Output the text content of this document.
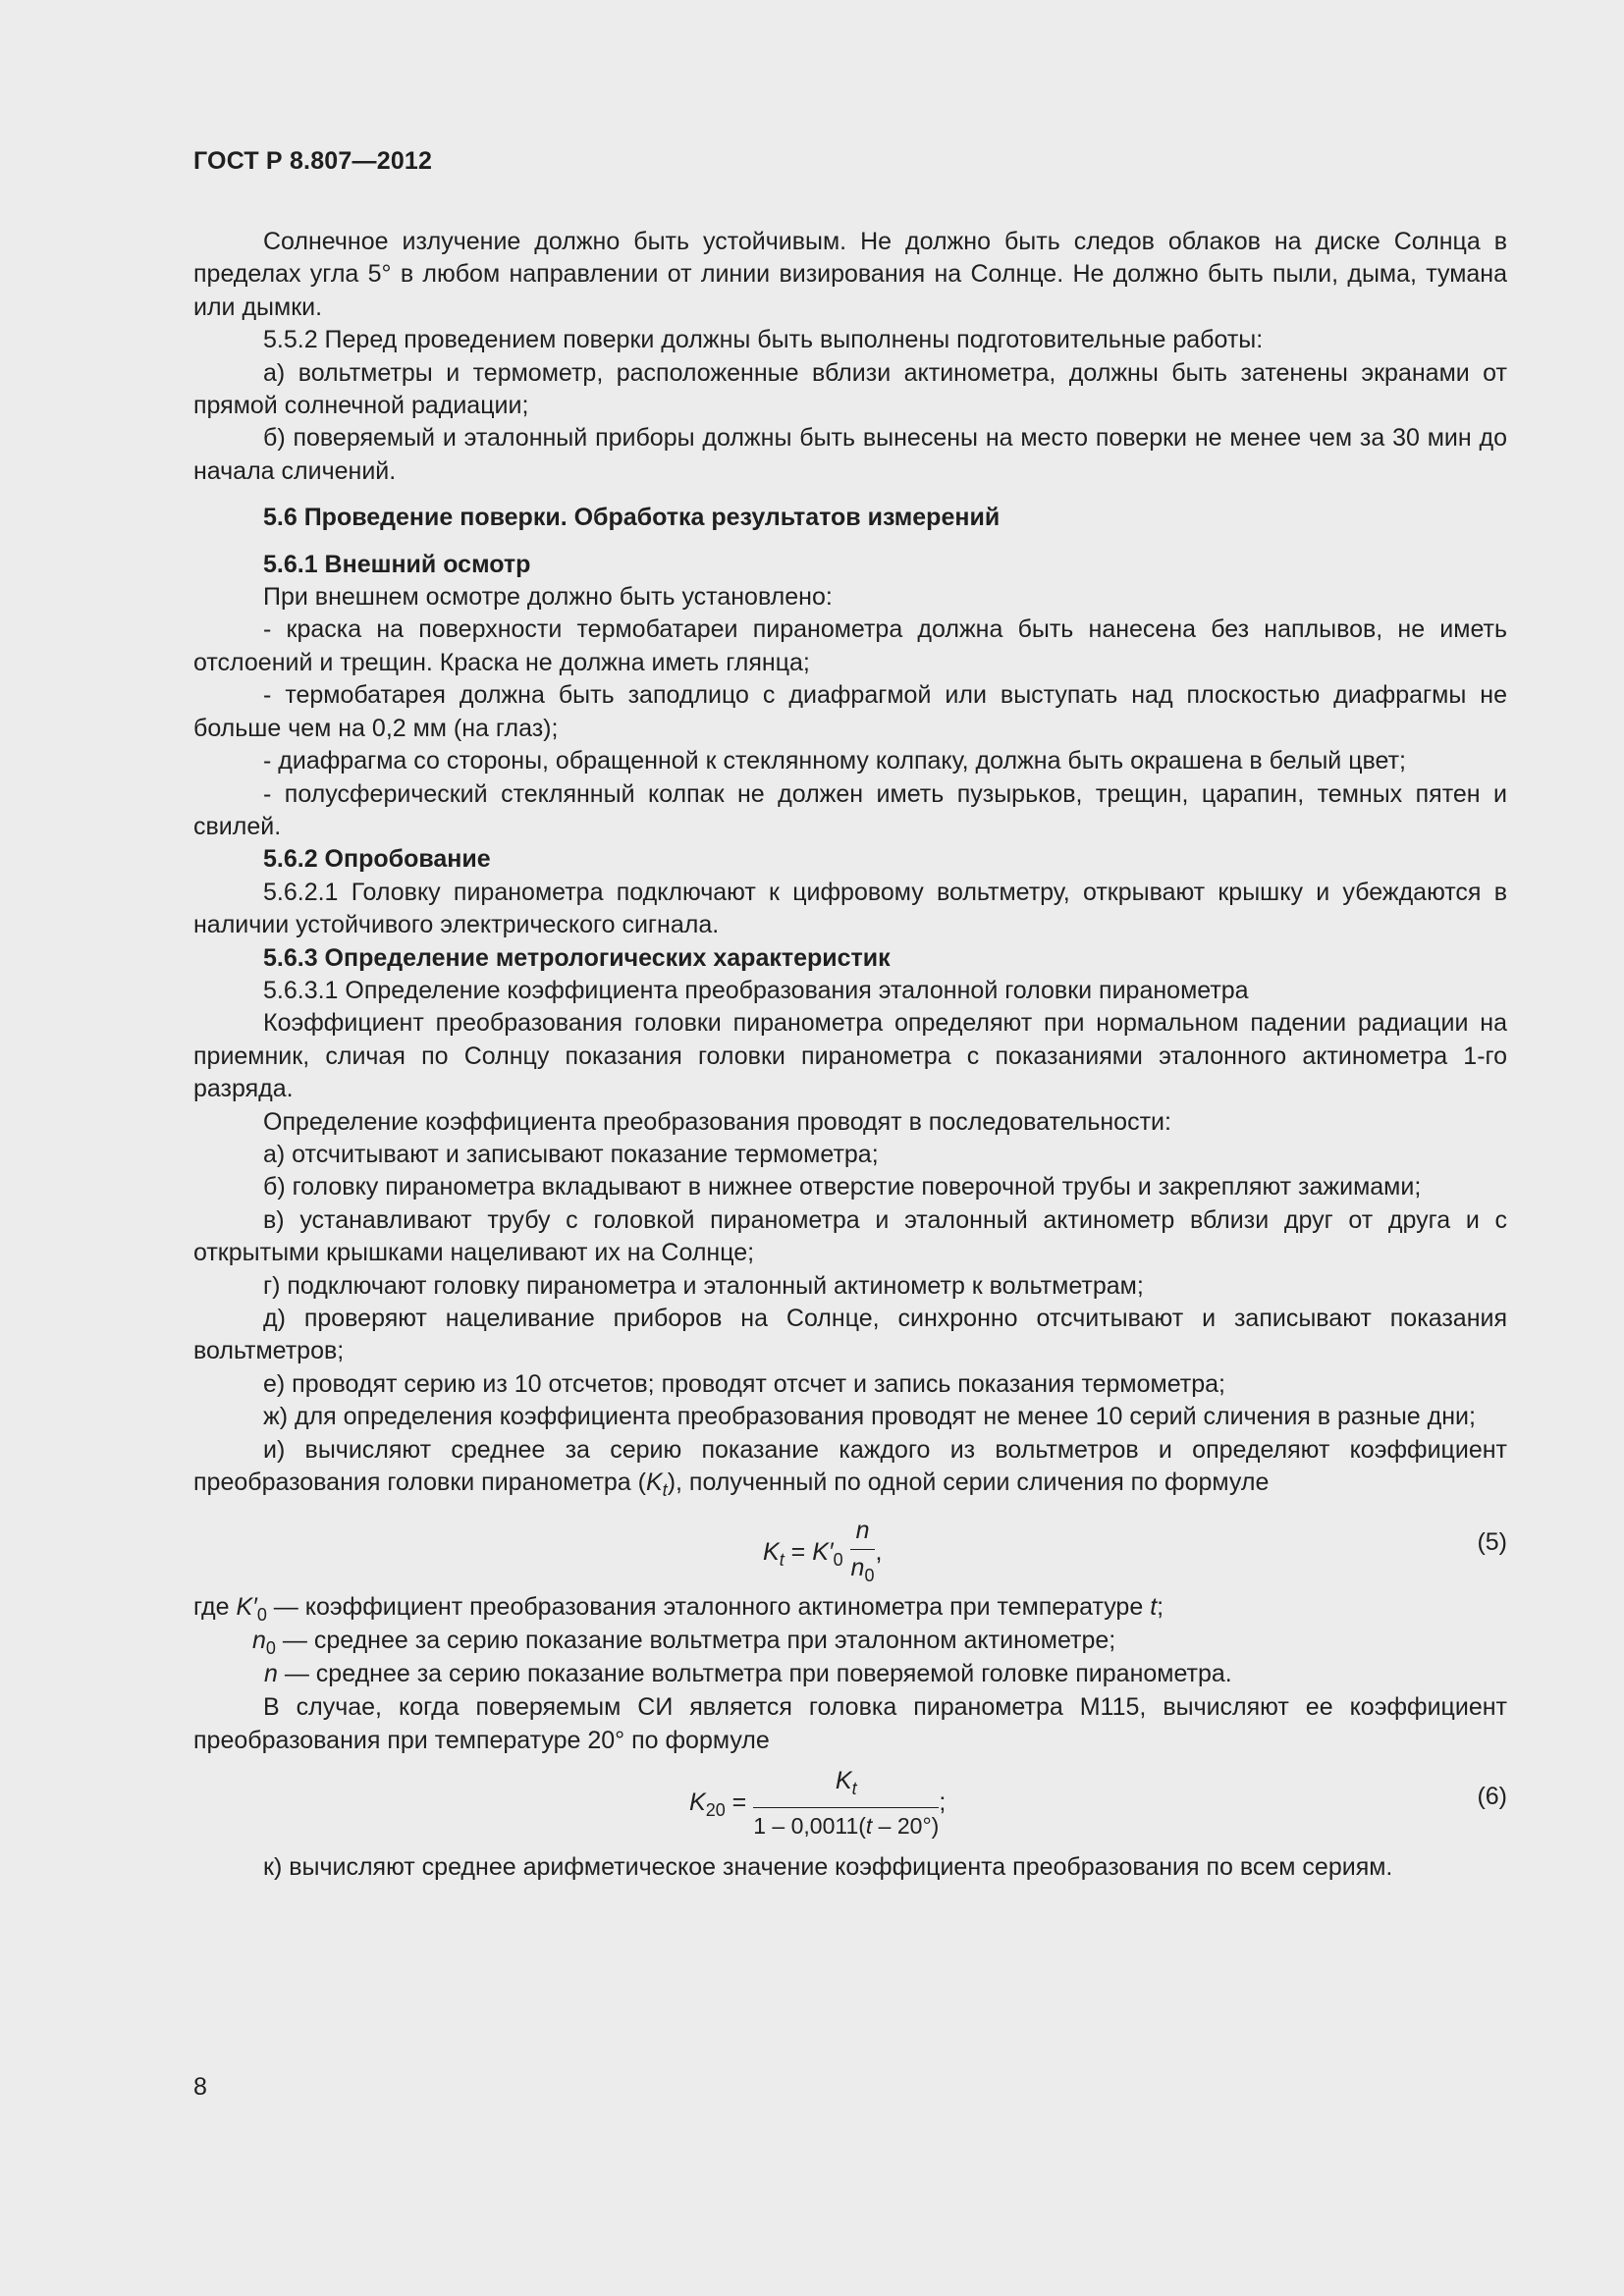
ГОСТ Р 8.807—2012

Солнечное излучение должно быть устойчивым. Не должно быть следов облаков на диске Солнца в пределах угла 5° в любом направлении от линии визирования на Солнце. Не должно быть пыли, дыма, тумана или дымки.

5.5.2 Перед проведением поверки должны быть выполнены подготовительные работы:

а) вольтметры и термометр, расположенные вблизи актинометра, должны быть затенены экранами от прямой солнечной радиации;

б) поверяемый и эталонный приборы должны быть вынесены на место поверки не менее чем за 30 мин до начала сличений.

5.6 Проведение поверки. Обработка результатов измерений

5.6.1 Внешний осмотр

При внешнем осмотре должно быть установлено:

- краска на поверхности термобатареи пиранометра должна быть нанесена без наплывов, не иметь отслоений и трещин. Краска не должна иметь глянца;

- термобатарея должна быть заподлицо с диафрагмой или выступать над плоскостью диафрагмы не больше чем на 0,2 мм (на глаз);

- диафрагма со стороны, обращенной к стеклянному колпаку, должна быть окрашена в белый цвет;

- полусферический стеклянный колпак не должен иметь пузырьков, трещин, царапин, темных пятен и свилей.

5.6.2 Опробование

5.6.2.1 Головку пиранометра подключают к цифровому вольтметру, открывают крышку и убеждаются в наличии устойчивого электрического сигнала.

5.6.3 Определение метрологических характеристик

5.6.3.1 Определение коэффициента преобразования эталонной головки пиранометра

Коэффициент преобразования головки пиранометра определяют при нормальном падении радиации на приемник, сличая по Солнцу показания головки пиранометра с показаниями эталонного актинометра 1-го разряда.

Определение коэффициента преобразования проводят в последовательности:

а) отсчитывают и записывают показание термометра;

б) головку пиранометра вкладывают в нижнее отверстие поверочной трубы и закрепляют зажимами;

в) устанавливают трубу с головкой пиранометра и эталонный актинометр вблизи друг от друга и с открытыми крышками нацеливают их на Солнце;

г) подключают головку пиранометра и эталонный актинометр к вольтметрам;

д) проверяют нацеливание приборов на Солнце, синхронно отсчитывают и записывают показания вольтметров;

е) проводят серию из 10 отсчетов; проводят отсчет и запись показания термометра;

ж) для определения коэффициента преобразования проводят не менее 10 серий сличения в разные дни;

и) вычисляют среднее за серию показание каждого из вольтметров и определяют коэффициент преобразования головки пиранометра $(K_t)$, полученный по одной серии сличения по формуле

$K_t = K'_0 \frac{n}{n_0}$ ,	(5)
где $K'_0$ — коэффициент преобразования эталонного актинометра при температуре t;
$n_0$ — среднее за серию показание вольтметра при эталонном актинометре;
n — среднее за серию показание вольтметра при поверяемой головке пиранометра.

В случае, когда поверяемым СИ является головка пиранометра М115, вычисляют ее коэффициент преобразования при температуре 20° по формуле

$K_{20} = \frac{K_t}{1 - 0,0011(t - 20^\circ)}$ ;	(6)

к) вычисляют среднее арифметическое значение коэффициента преобразования по всем сериям.

8
